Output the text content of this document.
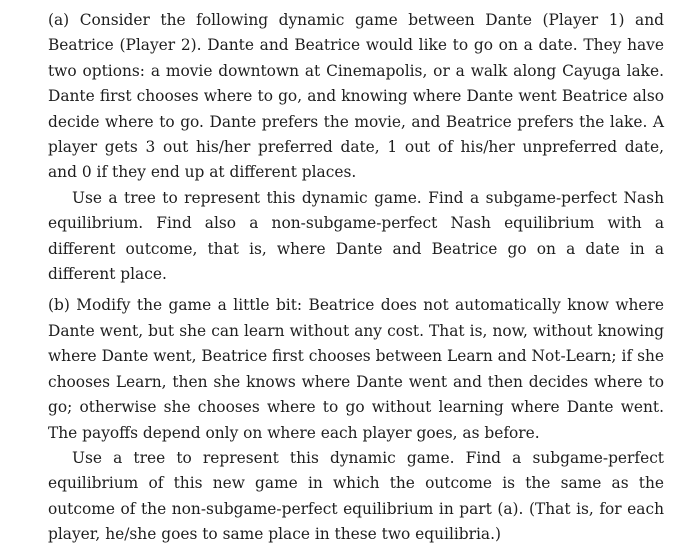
(a) Consider the following dynamic game between Dante (Player 1) and Beatrice (Player 2). Dante and Beatrice would like to go on a date. They have two options: a movie downtown at Cinemapolis, or a walk along Cayuga lake. Dante first chooses where to go, and knowing where Dante went Beatrice also decide where to go. Dante prefers the movie, and Beatrice prefers the lake. A player gets 3 out his/her preferred date, 1 out of his/her unpreferred date, and 0 if they end up at different places.

Use a tree to represent this dynamic game. Find a subgame-perfect Nash equilibrium. Find also a non-subgame-perfect Nash equilibrium with a different outcome, that is, where Dante and Beatrice go on a date in a different place.

(b) Modify the game a little bit: Beatrice does not automatically know where Dante went, but she can learn without any cost. That is, now, without knowing where Dante went, Beatrice first chooses between Learn and Not-Learn; if she chooses Learn, then she knows where Dante went and then decides where to go; otherwise she chooses where to go without learning where Dante went. The payoffs depend only on where each player goes, as before.

Use a tree to represent this dynamic game. Find a subgame-perfect equilibrium of this new game in which the outcome is the same as the outcome of the non-subgame-perfect equilibrium in part (a). (That is, for each player, he/she goes to same place in these two equilibria.)
